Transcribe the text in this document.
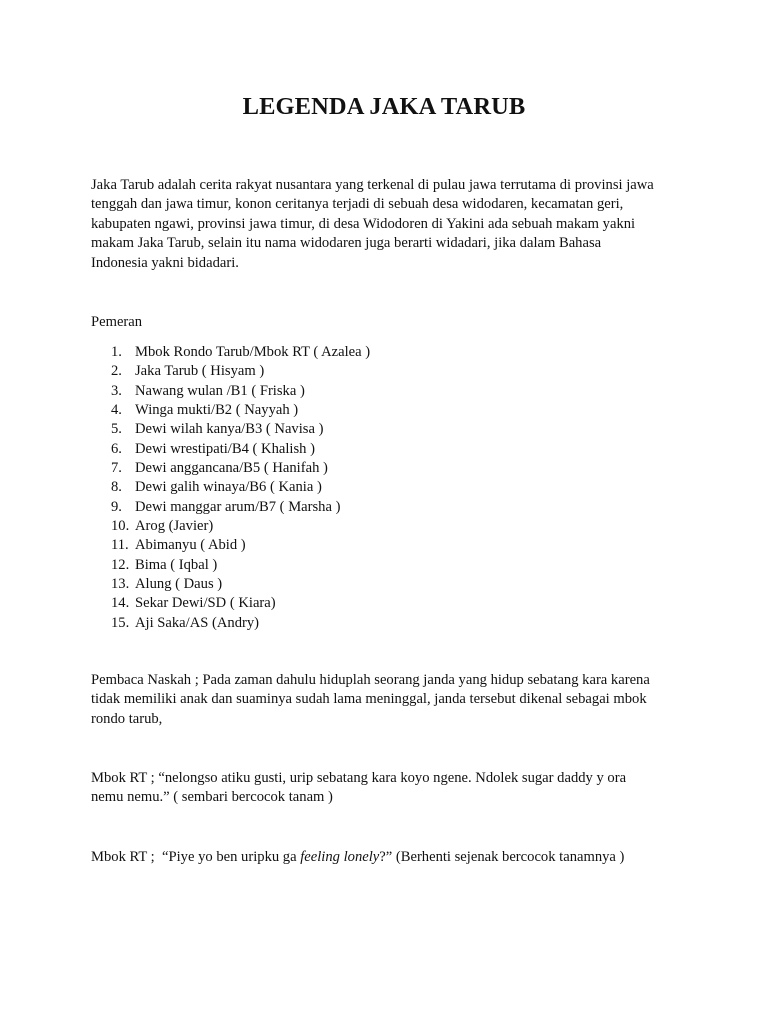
LEGENDA JAKA TARUB

Jaka Tarub adalah cerita rakyat nusantara yang terkenal di pulau jawa terrutama di provinsi jawa
tenggah dan jawa timur, konon ceritanya terjadi di sebuah desa widodaren, kecamatan geri,
kabupaten ngawi, provinsi jawa timur, di desa Widodoren di Yakini ada sebuah makam yakni
makam Jaka Tarub, selain itu nama widodaren juga berarti widadari, jika dalam Bahasa
Indonesia yakni bidadari.

Pemeran

1. Mbok Rondo Tarub/Mbok RT ( Azalea )
2. Jaka Tarub ( Hisyam )
3. Nawang wulan /B1 ( Friska )
4. Winga mukti/B2 ( Nayyah )
5. Dewi wilah kanya/B3 ( Navisa )
6. Dewi wrestipati/B4 ( Khalish )
7. Dewi anggancana/B5 ( Hanifah )
8. Dewi galih winaya/B6 ( Kania )
9. Dewi manggar arum/B7 ( Marsha )
10. Arog (Javier)
11. Abimanyu ( Abid )
12. Bima ( Iqbal )
13. Alung ( Daus )
14. Sekar Dewi/SD ( Kiara)
15. Aji Saka/AS (Andry)

Pembaca Naskah ; Pada zaman dahulu hiduplah seorang janda yang hidup sebatang kara karena
tidak memiliki anak dan suaminya sudah lama meninggal, janda tersebut dikenal sebagai mbok
rondo tarub,

Mbok RT ; “nelongso atiku gusti, urip sebatang kara koyo ngene. Ndolek sugar daddy y ora
nemu nemu.” ( sembari bercocok tanam )

Mbok RT ;  “Piye yo ben uripku ga feeling lonely?” (Berhenti sejenak bercocok tanamnya )
